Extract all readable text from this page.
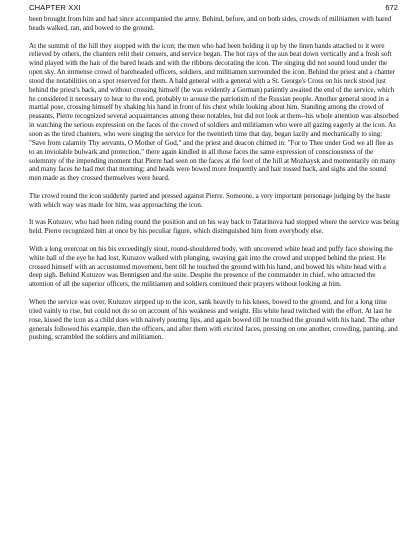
CHAPTER XXI	672

been brought from him and had since accompanied the army. Behind, before, and on both sides, crowds of militiamen with bared heads walked, ran, and bowed to the ground.

At the summit of the hill they stopped with the icon; the men who had been holding it up by the linen bands attached to it were relieved by others, the chanters relit their censers, and service began. The hot rays of the sun beat down vertically and a fresh soft wind played with the hair of the bared heads and with the ribbons decorating the icon. The singing did not sound loud under the open sky. An immense crowd of bareheaded officers, soldiers, and militiamen surrounded the icon. Behind the priest and a chanter stood the notabilities on a spot reserved for them. A bald general with a general with a St. George's Cross on his neck stood just behind the priest's back, and without crossing himself (he was evidently a German) patiently awaited the end of the service, which he considered it necessary to hear to the end, probably to arouse the patriotism of the Russian people. Another general stood in a martial pose, crossing himself by shaking his hand in front of his chest while looking about him. Standing among the crowd of peasants, Pierre recognized several acquaintances among these notables, but did not look at them--his whole attention was absorbed in watching the serious expression on the faces of the crowd of soldiers and militiamen who were all gazing eagerly at the icon. As soon as the tired chanters, who were singing the service for the twentieth time that day, began lazily and mechanically to sing: "Save from calamity Thy servants, O Mother of God," and the priest and deacon chimed in: "For to Thee under God we all flee as to an inviolable bulwark and protection," there again kindled in all those faces the same expression of consciousness of the solemnity of the impending moment that Pierre had seen on the faces at the foot of the hill at Mozhaysk and momentarily on many and many faces he had met that morning; and heads were bowed more frequently and hair tossed back, and sighs and the sound men made as they crossed themselves were heard.

The crowd round the icon suddenly parted and pressed against Pierre. Someone, a very important personage judging by the haste with which way was made for him, was approaching the icon.

It was Kutuzov, who had been riding round the position and on his way back to Tatarinova had stopped where the service was being held. Pierre recognized him at once by his peculiar figure, which distinguished him from everybody else.

With a long overcoat on his his exceedingly stout, round-shouldered body, with uncovered white head and puffy face showing the white ball of the eye he had lost, Kutuzov walked with plunging, swaying gait into the crowd and stopped behind the priest. He crossed himself with an accustomed movement, bent till he touched the ground with his hand, and bowed his white head with a deep sigh. Behind Kutuzov was Bennigsen and the suite. Despite the presence of the commander in chief, who attracted the attention of all the superior officers, the militiamen and soldiers continued their prayers without looking at him.

When the service was over, Kutuzov stepped up to the icon, sank heavily to his knees, bowed to the ground, and for a long time tried vainly to rise, but could not do so on account of his weakness and weight. His white head twitched with the effort. At last he rose, kissed the icon as a child does with naively pouting lips, and again bowed till he touched the ground with his hand. The other generals followed his example, then the officers, and after them with excited faces, pressing on one another, crowding, panting, and pushing, scrambled the soldiers and militiamen.
